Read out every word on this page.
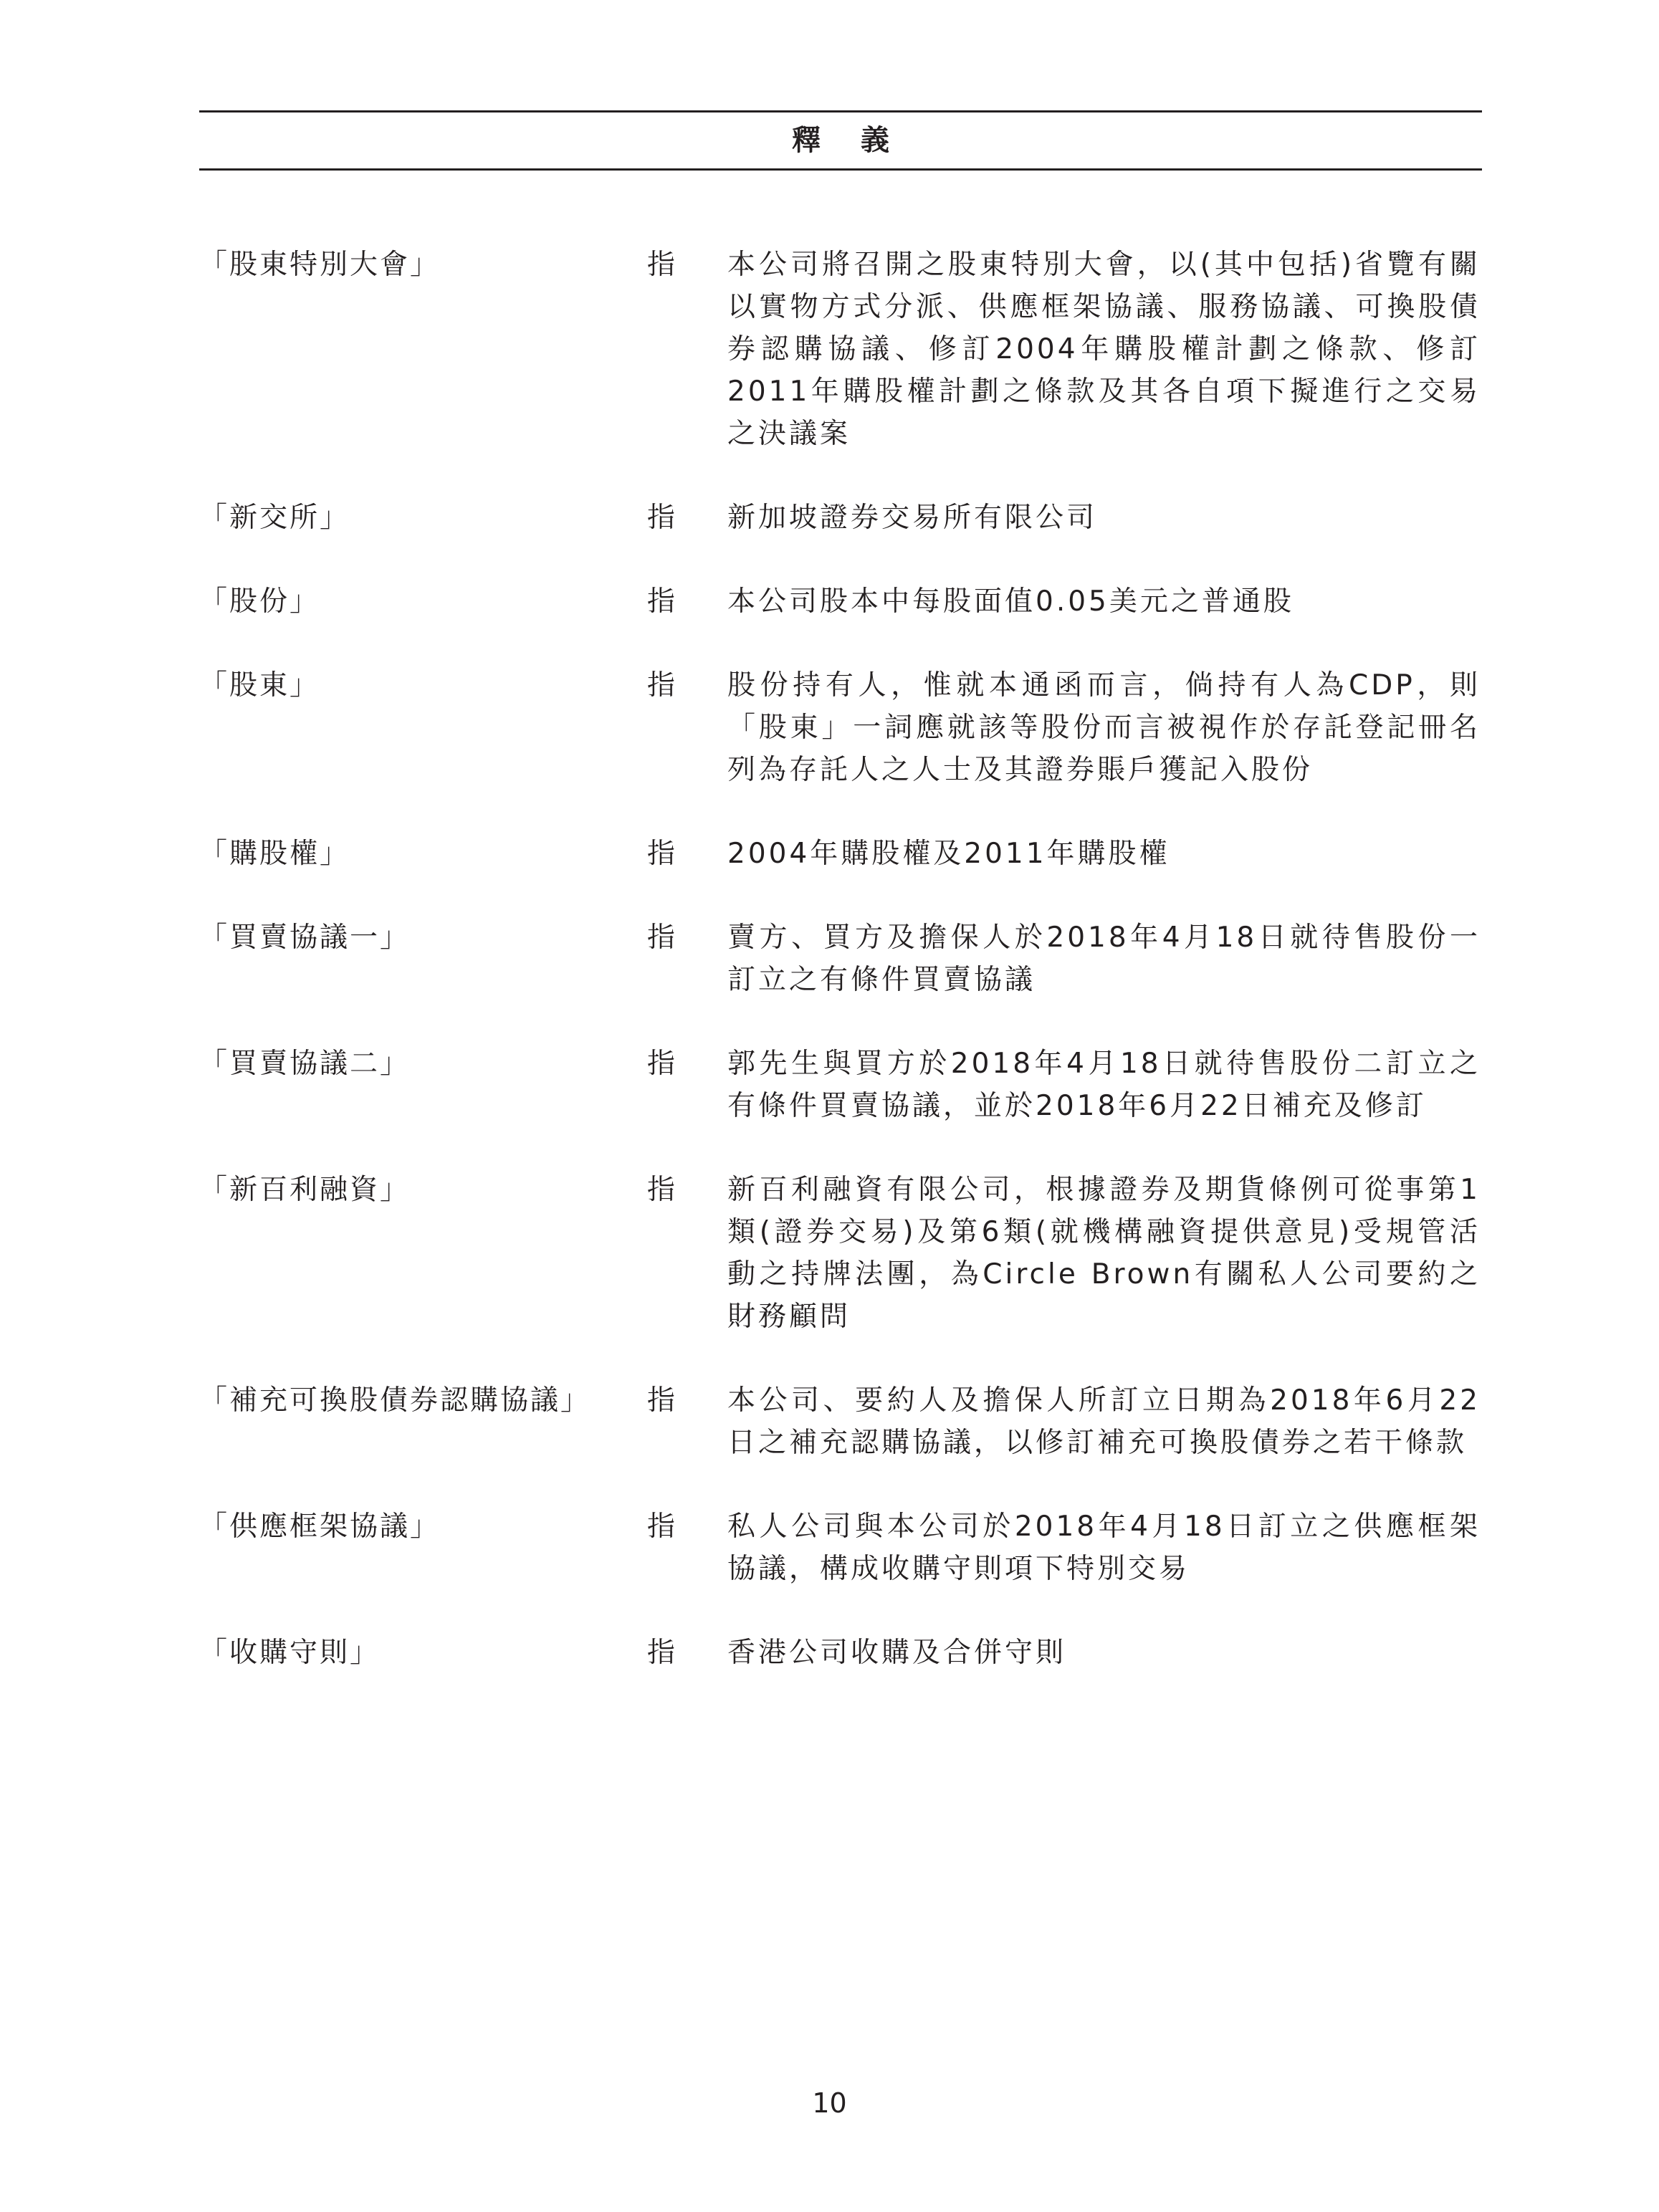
釋義
「股東特別大會」	指 本公司將召開之股東特別大會，以(其中包括)省覽有關以實物方式分派、供應框架協議、服務協議、可換股債券認購協議、修訂2004年購股權計劃之條款、修訂2011年購股權計劃之條款及其各自項下擬進行之交易之決議案
「新交所」	指 新加坡證券交易所有限公司
「股份」	指 本公司股本中每股面值0.05美元之普通股
「股東」	指 股份持有人，惟就本通函而言，倘持有人為CDP，則「股東」一詞應就該等股份而言被視作於存託登記冊名列為存託人之人士及其證券賬戶獲記入股份
「購股權」	指 2004年購股權及2011年購股權
「買賣協議一」	指 賣方、買方及擔保人於2018年4月18日就待售股份一訂立之有條件買賣協議
「買賣協議二」	指 郭先生與買方於2018年4月18日就待售股份二訂立之有條件買賣協議，並於2018年6月22日補充及修訂
「新百利融資」	指 新百利融資有限公司，根據證券及期貨條例可從事第1類(證券交易)及第6類(就機構融資提供意見)受規管活動之持牌法團，為Circle Brown有關私人公司要約之財務顧問
「補充可換股債券認購協議」	指 本公司、要約人及擔保人所訂立日期為2018年6月22日之補充認購協議，以修訂補充可換股債券之若干條款
「供應框架協議」	指 私人公司與本公司於2018年4月18日訂立之供應框架協議，構成收購守則項下特別交易
「收購守則」	指 香港公司收購及合併守則
10
